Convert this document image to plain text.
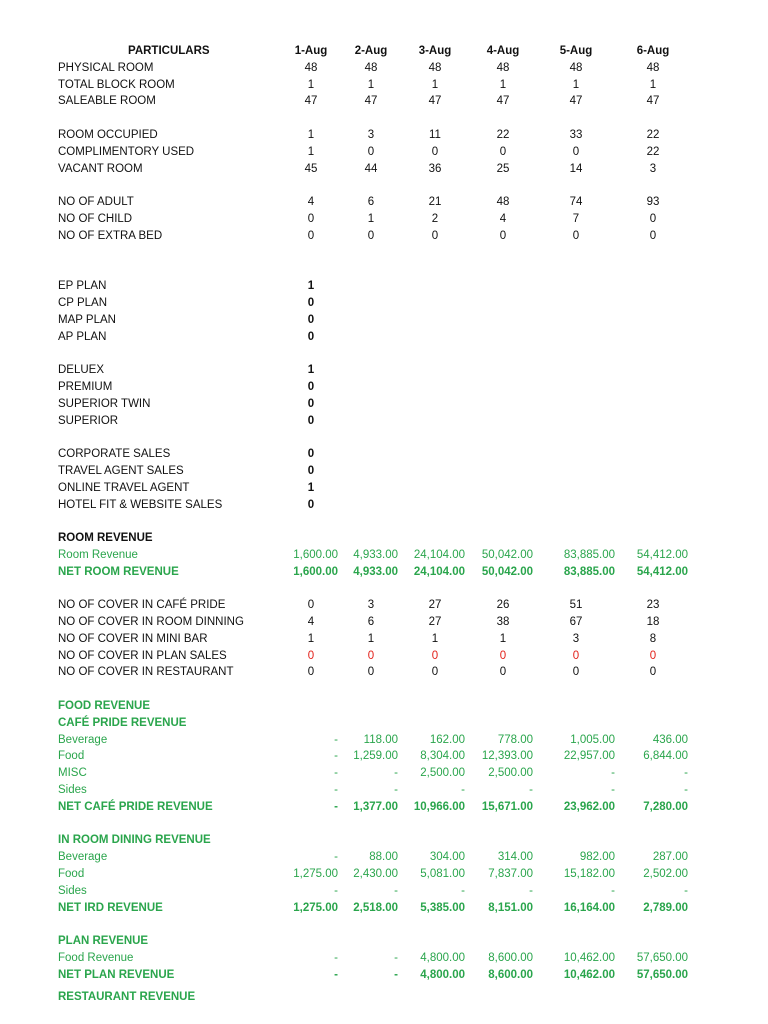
PARTICULARS	1-Aug	2-Aug	3-Aug	4-Aug	5-Aug	6-Aug
PHYSICAL ROOM	48	48	48	48	48	48
TOTAL BLOCK ROOM	1	1	1	1	1	1
SALEABLE ROOM	47	47	47	47	47	47
ROOM OCCUPIED	1	3	11	22	33	22
COMPLIMENTORY USED	1	0	0	0	0	22
VACANT ROOM	45	44	36	25	14	3
NO OF ADULT	4	6	21	48	74	93
NO OF CHILD	0	1	2	4	7	0
NO OF EXTRA BED	0	0	0	0	0	0
EP PLAN	1
CP PLAN	0
MAP PLAN	0
AP PLAN	0
DELUEX	1
PREMIUM	0
SUPERIOR TWIN	0
SUPERIOR	0
CORPORATE SALES	0
TRAVEL AGENT SALES	0
ONLINE TRAVEL AGENT	1
HOTEL FIT & WEBSITE SALES	0
ROOM REVENUE
Room Revenue	1,600.00	4,933.00	24,104.00	50,042.00	83,885.00	54,412.00
NET ROOM REVENUE	1,600.00	4,933.00	24,104.00	50,042.00	83,885.00	54,412.00
NO OF COVER IN CAFÉ PRIDE	0	3	27	26	51	23
NO OF COVER IN ROOM DINNING	4	6	27	38	67	18
NO OF COVER IN MINI BAR	1	1	1	1	3	8
NO OF COVER IN PLAN SALES	0	0	0	0	0	0
NO OF COVER IN RESTAURANT	0	0	0	0	0	0
FOOD REVENUE
CAFÉ PRIDE REVENUE
Beverage	-	118.00	162.00	778.00	1,005.00	436.00
Food	-	1,259.00	8,304.00	12,393.00	22,957.00	6,844.00
MISC	-	-	2,500.00	2,500.00	-	-
Sides	-	-	-	-	-	-
NET CAFÉ PRIDE REVENUE	-	1,377.00	10,966.00	15,671.00	23,962.00	7,280.00
IN ROOM DINING REVENUE
Beverage	-	88.00	304.00	314.00	982.00	287.00
Food	1,275.00	2,430.00	5,081.00	7,837.00	15,182.00	2,502.00
Sides	-	-	-	-	-	-
NET IRD REVENUE	1,275.00	2,518.00	5,385.00	8,151.00	16,164.00	2,789.00
PLAN REVENUE
Food Revenue	-	-	4,800.00	8,600.00	10,462.00	57,650.00
NET PLAN REVENUE	-	-	4,800.00	8,600.00	10,462.00	57,650.00
RESTAURANT REVENUE
